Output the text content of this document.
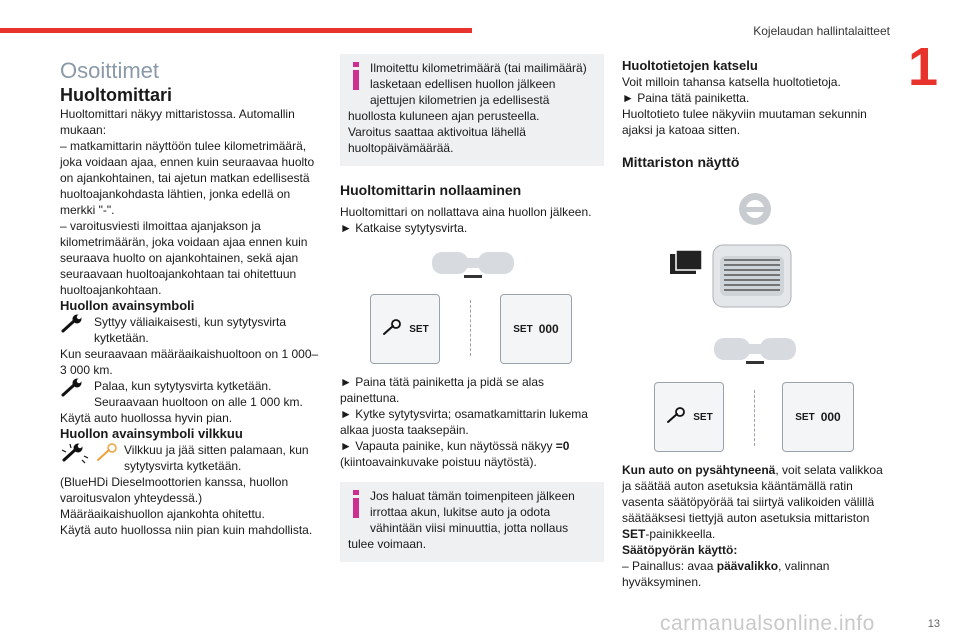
Kojelaudan hallintalaitteet
1

Osoittimet

Huoltomittari

Huoltomittari näkyy mittaristossa. Automallin mukaan:

– matkamittarin näyttöön tulee kilometrimäärä, joka voidaan ajaa, ennen kuin seuraavaa huolto on ajankohtainen, tai ajetun matkan edellisestä huoltoajankohdasta lähtien, jonka edellä on merkki "-".

– varoitusviesti ilmoittaa ajanjakson ja kilometrimäärän, joka voidaan ajaa ennen kuin seuraava huolto on ajankohtainen, sekä ajan seuraavaan huoltoajankohtaan tai ohitettuun huoltoajankohtaan.

Huollon avainsymboli

Syttyy väliaikaisesti, kun sytytysvirta kytketään.

Kun seuraavaan määräaikaishuoltoon on 1 000–3 000 km.

Palaa, kun sytytysvirta kytketään. Seuraavaan huoltoon on alle 1 000 km.

Käytä auto huollossa hyvin pian.

Huollon avainsymboli vilkkuu

Vilkkuu ja jää sitten palamaan, kun sytytysvirta kytketään.

(BlueHDi Dieselmoottorien kanssa, huollon varoitusvalon yhteydessä.)

Määräaikaishuollon ajankohta ohitettu.

Käytä auto huollossa niin pian kuin mahdollista.

Ilmoitettu kilometrimäärä (tai mailimäärä) lasketaan edellisen huollon jälkeen ajettujen kilometrien ja edellisestä huollosta kuluneen ajan perusteella.

Varoitus saattaa aktivoitua lähellä huoltopäivämäärää.

Huoltomittarin nollaaminen

Huoltomittari on nollattava aina huollon jälkeen.

► Katkaise sytytysvirta.

SET	SET 000

► Paina tätä painiketta ja pidä se alas painettuna.

► Kytke sytytysvirta; osamatkamittarin lukema alkaa juosta taaksepäin.

► Vapauta painike, kun näytössä näkyy =0 (kiintoavainkuvake poistuu näytöstä).

Jos haluat tämän toimenpiteen jälkeen irrottaa akun, lukitse auto ja odota vähintään viisi minuuttia, jotta nollaus tulee voimaan.

Huoltotietojen katselu

Voit milloin tahansa katsella huoltotietoja.

► Paina tätä painiketta.

Huoltotieto tulee näkyviin muutaman sekunnin ajaksi ja katoaa sitten.

Mittariston näyttö

SET	SET 000

Kun auto on pysähtyneenä, voit selata valikkoa ja säätää auton asetuksia kääntämällä ratin vasenta säätöpyörää tai siirtyä valikoiden välillä säätääksesi tiettyjä auton asetuksia mittariston SET-painikkeella.

Säätöpyörän käyttö:

– Painallus: avaa päävalikko, valinnan hyväksyminen.

carmanualsonline.info	13
